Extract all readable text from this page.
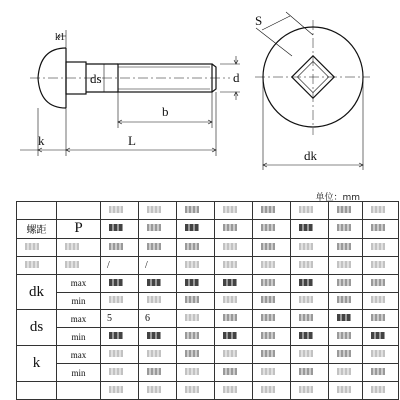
k1
ds	d
b
k	L
S
dk
单位：mm

螺距	P								

		/	/						
dk	max								
	min								
ds	max	5	6						
	min								
k	max								
	min								
